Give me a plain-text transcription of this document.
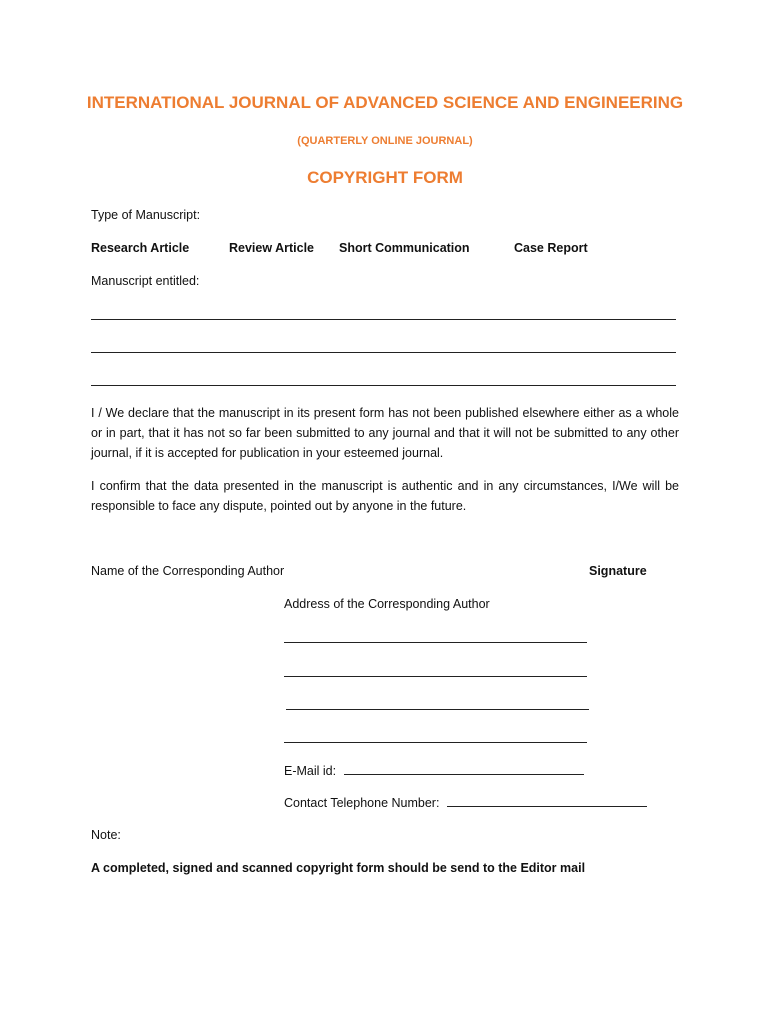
INTERNATIONAL JOURNAL OF ADVANCED SCIENCE AND ENGINEERING
(QUARTERLY ONLINE JOURNAL)
COPYRIGHT FORM
Type of Manuscript:
Research Article	Review Article Short Communication	Case Report
Manuscript entitled:
I / We declare that the manuscript in its present form has not been published elsewhere either as a whole or in part, that it has not so far been submitted to any journal and that it will not be submitted to any other journal, if it is accepted for publication in your esteemed journal.
I confirm that the data presented in the manuscript is authentic and in any circumstances, I/We will be responsible to face any dispute, pointed out by anyone in the future.
Name of the Corresponding Author	Signature
Address of the Corresponding Author
E-Mail id:
Contact Telephone Number:
Note:
A completed, signed and scanned copyright form should be send to the Editor mail
